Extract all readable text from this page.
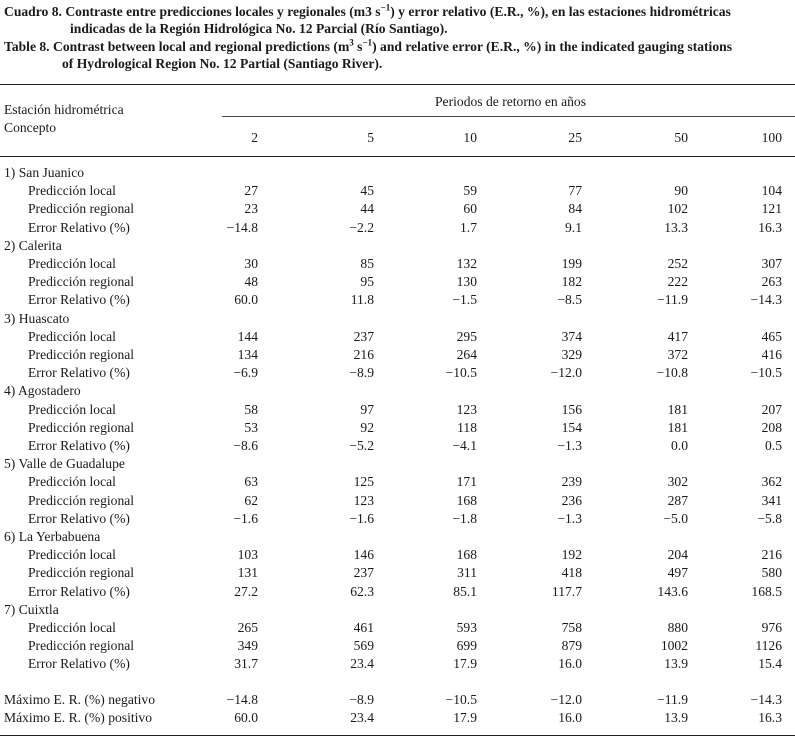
Cuadro 8. Contraste entre predicciones locales y regionales (m3 $s^{-1}$) y error relativo (E.R., %), en las estaciones hidrométricas
indicadas de la Región Hidrológica No. 12 Parcial (Río Santiago).
Table 8. Contrast between local and regional predictions ($m^3$ $s^{-1}$) and relative error (E.R., %) in the indicated gauging stations
of Hydrological Region No. 12 Partial (Santiago River).
Estación hidrométrica
Concepto
Periodos de retorno en años
2	5	10	25	50	100
1) San Juanico
Predicción local	27	45	59	77	90	104
Predicción regional	23	44	60	84	102	121
Error Relativo (%)	−14.8	−2.2	1.7	9.1	13.3	16.3
2) Calerita
Predicción local	30	85	132	199	252	307
Predicción regional	48	95	130	182	222	263
Error Relativo (%)	60.0	11.8	−1.5	−8.5	−11.9	−14.3
3) Huascato
Predicción local	144	237	295	374	417	465
Predicción regional	134	216	264	329	372	416
Error Relativo (%)	−6.9	−8.9	−10.5	−12.0	−10.8	−10.5
4) Agostadero
Predicción local	58	97	123	156	181	207
Predicción regional	53	92	118	154	181	208
Error Relativo (%)	−8.6	−5.2	−4.1	−1.3	0.0	0.5
5) Valle de Guadalupe
Predicción local	63	125	171	239	302	362
Predicción regional	62	123	168	236	287	341
Error Relativo (%)	−1.6	−1.6	−1.8	−1.3	−5.0	−5.8
6) La Yerbabuena
Predicción local	103	146	168	192	204	216
Predicción regional	131	237	311	418	497	580
Error Relativo (%)	27.2	62.3	85.1	117.7	143.6	168.5
7) Cuixtla
Predicción local	265	461	593	758	880	976
Predicción regional	349	569	699	879	1002	1126
Error Relativo (%)	31.7	23.4	17.9	16.0	13.9	15.4
Máximo E. R. (%) negativo	−14.8	−8.9	−10.5	−12.0	−11.9	−14.3
Máximo E. R. (%) positivo	60.0	23.4	17.9	16.0	13.9	16.3
